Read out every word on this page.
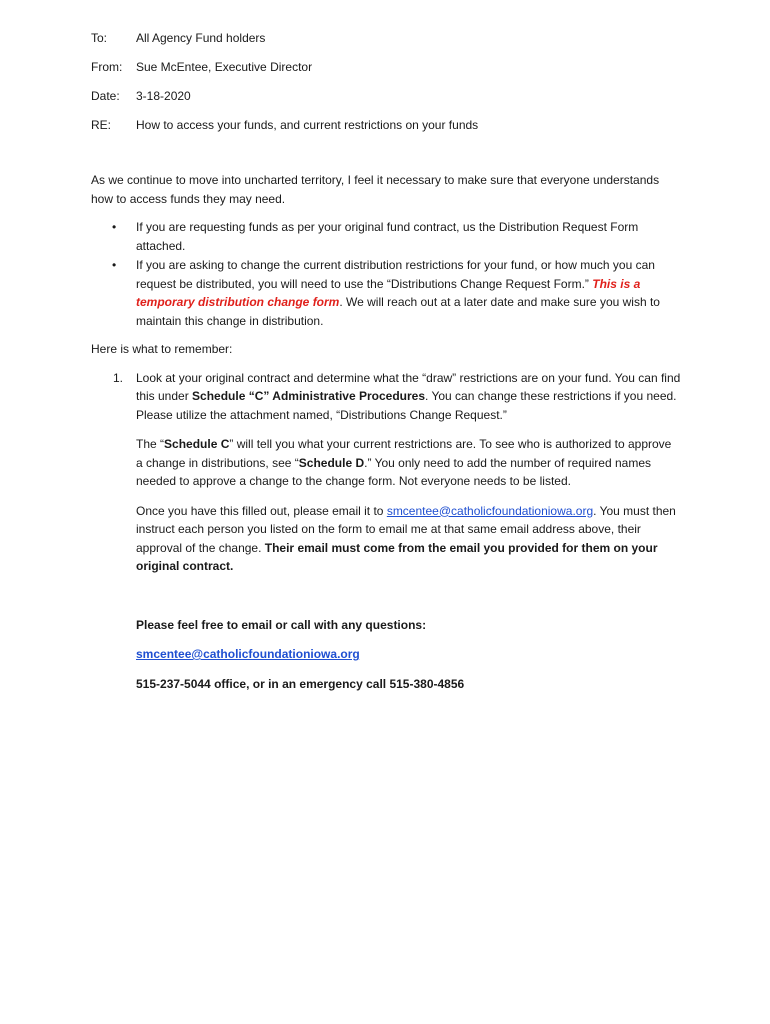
To:	All Agency Fund holders
From:	Sue McEntee, Executive Director
Date:	3-18-2020
RE:	How to access your funds, and current restrictions on your funds

As we continue to move into uncharted territory, I feel it necessary to make sure that everyone understands how to access funds they may need.

• If you are requesting funds as per your original fund contract, us the Distribution Request Form attached.
• If you are asking to change the current distribution restrictions for your fund, or how much you can request be distributed, you will need to use the “Distributions Change Request Form.” This is a temporary distribution change form. We will reach out at a later date and make sure you wish to maintain this change in distribution.

Here is what to remember:

1. Look at your original contract and determine what the “draw” restrictions are on your fund. You can find this under Schedule “C” Administrative Procedures. You can change these restrictions if you need. Please utilize the attachment named, “Distributions Change Request.”

The “Schedule C” will tell you what your current restrictions are. To see who is authorized to approve a change in distributions, see “Schedule D.” You only need to add the number of required names needed to approve a change to the change form. Not everyone needs to be listed.

Once you have this filled out, please email it to smcentee@catholicfoundationiowa.org. You must then instruct each person you listed on the form to email me at that same email address above, their approval of the change. Their email must come from the email you provided for them on your original contract.

Please feel free to email or call with any questions:

smcentee@catholicfoundationiowa.org

515-237-5044 office, or in an emergency call 515-380-4856
